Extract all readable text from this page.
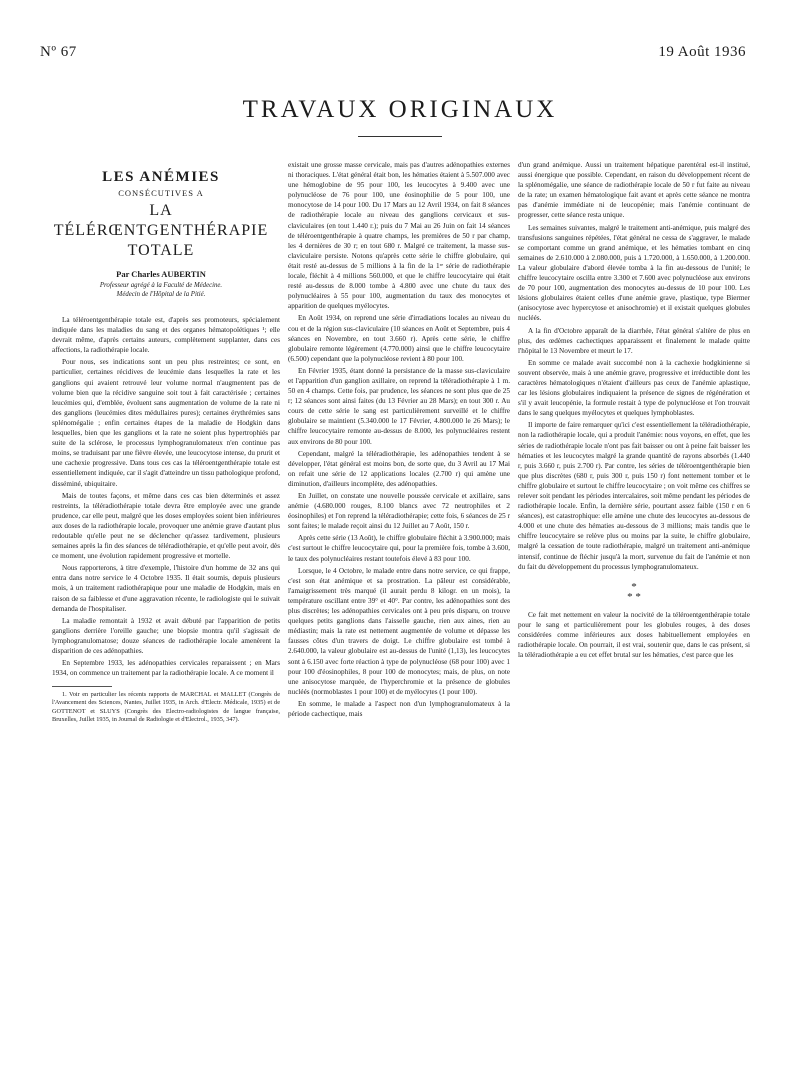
Nº 67	19 Août 1936
TRAVAUX ORIGINAUX
LES ANÉMIES
CONSÉCUTIVES A
LA TÉLÉRŒNTGENTHÉRAPIE
TOTALE
Par Charles AUBERTIN
Professeur agrégé à la Faculté de Médecine.
Médecin de l'Hôpital de la Pitié.

La téléroentgenthérapie totale est, d'après ses promoteurs, spécialement indiquée dans les maladies du sang et des organes hématopoïétiques ¹; elle devrait même, d'après certains auteurs, complètement supplanter, dans ces affections, la radiothérapie locale.

Pour nous, ses indications sont un peu plus restreintes; ce sont, en particulier, certaines récidives de leucémie dans lesquelles la rate et les ganglions qui avaient retrouvé leur volume normal n'augmentent pas de volume bien que la récidive sanguine soit tout à fait caractérisée ; certaines leucémies qui, d'emblée, évoluent sans augmentation de volume de la rate ni des ganglions (leucémies dites médullaires pures); certaines érythrémies sans splénomégalie ; enfin certaines étapes de la maladie de Hodgkin dans lesquelles, bien que les ganglions et la rate ne soient plus hypertrophiés par suite de la sclérose, le processus lymphogranulomateux n'en continue pas moins, se traduisant par une fièvre élevée, une leucocytose intense, du prurit et une cachexie progressive. Dans tous ces cas la téléroentgenthérapie totale est essentiellement indiquée, car il s'agit d'atteindre un tissu pathologique profond, disséminé, ubiquitaire.

Mais de toutes façons, et même dans ces cas bien déterminés et assez restreints, la téléradiothérapie totale devra être employée avec une grande prudence, car elle peut, malgré que les doses employées soient bien inférieures aux doses de la radiothérapie locale, provoquer une anémie grave d'autant plus redoutable qu'elle peut ne se déclencher qu'assez tardivement, plusieurs semaines après la fin des séances de téléradiothérapie, et qu'elle peut avoir, dès ce moment, une évolution rapidement progressive et mortelle.

Nous rapporterons, à titre d'exemple, l'histoire d'un homme de 32 ans qui entra dans notre service le 4 Octobre 1935. Il était soumis, depuis plusieurs mois, à un traitement radiothérapique pour une maladie de Hodgkin, mais en raison de sa faiblesse et d'une aggravation récente, le radiologiste qui le suivait demanda de l'hospitaliser.

La maladie remontait à 1932 et avait débuté par l'apparition de petits ganglions derrière l'oreille gauche; une biopsie montra qu'il s'agissait de lymphogranulomatose; douze séances de radiothérapie locale amenèrent la disparition de ces adénopathies.

En Septembre 1933, les adénopathies cervicales reparaissent ; en Mars 1934, on commence un traitement par la radiothérapie locale. A ce moment il

1. Voir en particulier les récents rapports de MARCHAL et MALLET (Congrès de l'Avancement des Sciences, Nantes, Juillet 1935, in Arch. d'Electr. Médicale, 1935) et de GOTTENOT et SLUYS (Congrès des Electro-radiologistes de langue française, Bruxelles, Juillet 1935, in Journal de Radiologie et d'Electrol., 1935, 347).

existait une grosse masse cervicale, mais pas d'autres adénopathies externes ni thoraciques. L'état général était bon, les hématies étaient à 5.507.000 avec une hémoglobine de 95 pour 100, les leucocytes à 9.400 avec une polynucléose de 76 pour 100, une éosinophilie de 5 pour 100, une monocytose de 14 pour 100. Du 17 Mars au 12 Avril 1934, on fait 8 séances de radiothérapie locale au niveau des ganglions cervicaux et sus-claviculaires (en tout 1.440 r.); puis du 7 Mai au 26 Juin on fait 14 séances de téléroentgenthérapie à quatre champs, les premières de 50 r par champ, les 4 dernières de 30 r; en tout 680 r. Malgré ce traitement, la masse sus-claviculaire persiste. Notons qu'après cette série le chiffre globulaire, qui était resté au-dessus de 5 millions à la fin de la 1ʳᵉ série de radiothérapie locale, fléchit à 4 millions 560.000, et que le chiffre leucocytaire qui était resté au-dessus de 8.000 tombe à 4.800 avec une chute du taux des polynucléaires à 55 pour 100, augmentation du taux des monocytes et apparition de quelques myélocytes.

En Août 1934, on reprend une série d'irradiations locales au niveau du cou et de la région sus-claviculaire (10 séances en Août et Septembre, puis 4 séances en Novembre, en tout 3.660 r). Après cette série, le chiffre globulaire remonte légèrement (4.770.000) ainsi que le chiffre leucocytaire (6.500) cependant que la polynucléose revient à 80 pour 100.

En Février 1935, étant donné la persistance de la masse sus-claviculaire et l'apparition d'un ganglion axillaire, on reprend la téléradiothérapie à 1 m. 50 en 4 champs. Cette fois, par prudence, les séances ne sont plus que de 25 r; 12 séances sont ainsi faites (du 13 Février au 28 Mars); en tout 300 r. Au cours de cette série le sang est particulièrement surveillé et le chiffre globulaire se maintient (5.340.000 le 17 Février, 4.800.000 le 26 Mars); le chiffre leucocytaire remonte au-dessus de 8.000, les polynucléaires restent aux environs de 80 pour 100.

Cependant, malgré la téléradiothérapie, les adénopathies tendent à se développer, l'état général est moins bon, de sorte que, du 3 Avril au 17 Mai on refait une série de 12 applications locales (2.700 r) qui amène une diminution, d'ailleurs incomplète, des adénopathies.

En Juillet, on constate une nouvelle poussée cervicale et axillaire, sans anémie (4.680.000 rouges, 8.100 blancs avec 72 neutrophiles et 2 éosinophiles) et l'on reprend la téléradiothérapie; cette fois, 6 séances de 25 r sont faites; le malade reçoit ainsi du 12 Juillet au 7 Août, 150 r.

Après cette série (13 Août), le chiffre globulaire fléchit à 3.900.000; mais c'est surtout le chiffre leucocytaire qui, pour la première fois, tombe à 3.600, le taux des polynucléaires restant toutefois élevé à 83 pour 100.

Lorsque, le 4 Octobre, le malade entre dans notre service, ce qui frappe, c'est son état anémique et sa prostration. La pâleur est considérable, l'amaigrissement très marqué (il aurait perdu 8 kilogr. en un mois), la température oscillant entre 39° et 40°. Par contre, les adénopathies sont des plus discrètes; les adénopathies cervicales ont à peu près disparu, on trouve quelques petits ganglions dans l'aisselle gauche, rien aux aines, rien au médiastin; mais la rate est nettement augmentée de volume et dépasse les fausses côtes d'un travers de doigt. Le chiffre globulaire est tombé à 2.640.000, la valeur globulaire est au-dessus de l'unité (1,13), les leucocytes sont à 6.150 avec forte réaction à type de polynucléose (68 pour 100) avec 1 pour 100 d'éosinophiles, 8 pour 100 de monocytes; mais, de plus, on note une anisocytose marquée, de l'hyperchromie et la présence de globules nucléés (normoblastes 1 pour 100) et de myélocytes (1 pour 100).

En somme, le malade a l'aspect non d'un lymphogranulomateux à la période cachectique, mais

d'un grand anémique. Aussi un traitement hépatique parentéral est-il institué, aussi énergique que possible. Cependant, en raison du développement récent de la splénomégalie, une séance de radiothérapie locale de 50 r fut faite au niveau de la rate; un examen hématologique fait avant et après cette séance ne montra pas d'anémie immédiate ni de leucopénie; mais l'anémie continuant de progresser, cette séance resta unique.

Les semaines suivantes, malgré le traitement anti-anémique, puis malgré des transfusions sanguines répétées, l'état général ne cessa de s'aggraver, le malade se comportant comme un grand anémique, et les hématies tombant en cinq semaines de 2.610.000 à 2.080.000, puis à 1.720.000, à 1.650.000, à 1.200.000. La valeur globulaire d'abord élevée tomba à la fin au-dessous de l'unité; le chiffre leucocytaire oscilla entre 3.300 et 7.600 avec polynucléose aux environs de 70 pour 100, augmentation des monocytes au-dessus de 10 pour 100. Les lésions globulaires étaient celles d'une anémie grave, plastique, type Biermer (anisocytose avec hypercytose et anisochromie) et il existait quelques globules nucléés.

A la fin d'Octobre apparaît de la diarrhée, l'état général s'altère de plus en plus, des œdèmes cachectiques apparaissent et finalement le malade quitte l'hôpital le 13 Novembre et meurt le 17.

En somme ce malade avait succombé non à la cachexie hodgkinienne si souvent observée, mais à une anémie grave, progressive et irréductible dont les caractères hématologiques n'étaient d'ailleurs pas ceux de l'anémie aplastique, car les lésions globulaires indiquaient la présence de signes de régénération et s'il y avait leucopénie, la formule restait à type de polynucléose et l'on trouvait dans le sang quelques myélocytes et quelques lymphoblastes.

Il importe de faire remarquer qu'ici c'est essentiellement la téléradiothérapie, non la radiothérapie locale, qui a produit l'anémie: nous voyons, en effet, que les séries de radiothérapie locale n'ont pas fait baisser ou ont à peine fait baisser les hématies et les leucocytes malgré la grande quantité de rayons absorbés (1.440 r, puis 3.660 r, puis 2.700 r). Par contre, les séries de téléroentgenthérapie bien que plus discrètes (680 r, puis 300 r, puis 150 r) font nettement tomber et le chiffre globulaire et surtout le chiffre leucocytaire ; on voit même ces chiffres se relever soit pendant les périodes intercalaires, soit même pendant les périodes de radiothérapie locale. Enfin, la dernière série, pourtant assez faible (150 r en 6 séances), est catastrophique: elle amène une chute des leucocytes au-dessous de 4.000 et une chute des hématies au-dessous de 3 millions; mais tandis que le chiffre leucocytaire se relève plus ou moins par la suite, le chiffre globulaire, malgré la cessation de toute radiothérapie, malgré un traitement anti-anémique intensif, continue de fléchir jusqu'à la mort, survenue du fait de l'anémie et non du fait du développement du processus lymphogranulomateux.

*
* *

Ce fait met nettement en valeur la nocivité de la téléroentgenthérapie totale pour le sang et particulièrement pour les globules rouges, à des doses considérées comme inférieures aux doses habituellement employées en radiothérapie locale. On pourrait, il est vrai, soutenir que, dans le cas présent, si la téléradiothérapie a eu cet effet brutal sur les hématies, c'est parce que les
